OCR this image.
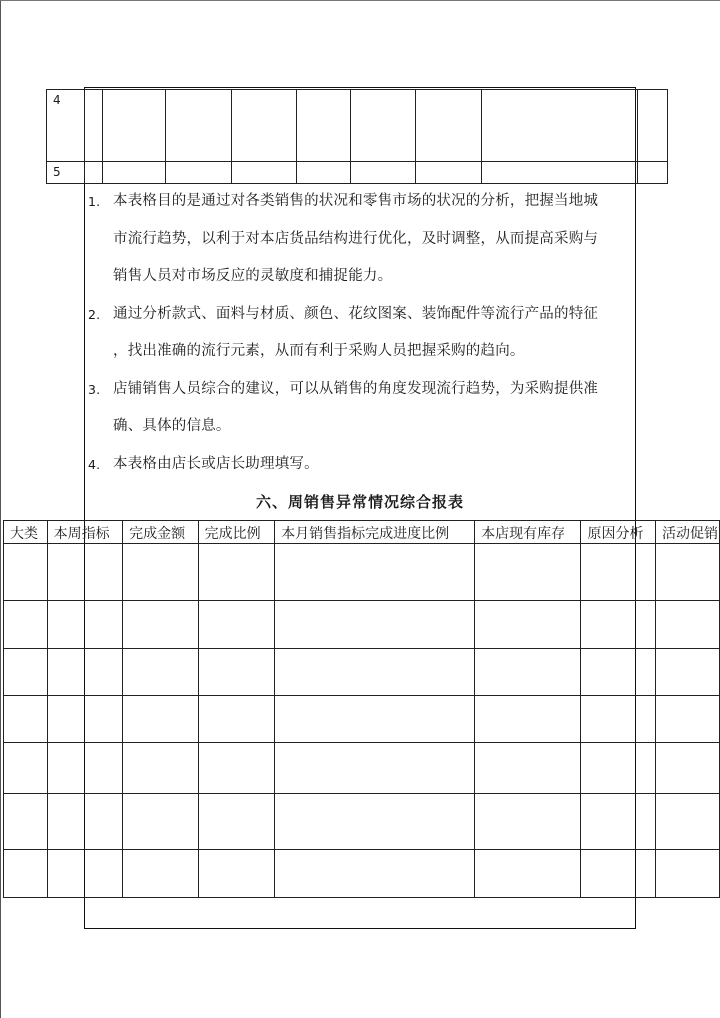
4									
5									
1. 本表格目的是通过对各类销售的状况和零售市场的状况的分析，把握当地城
市流行趋势，以利于对本店货品结构进行优化，及时调整，从而提高采购与
销售人员对市场反应的灵敏度和捕捉能力。
2. 通过分析款式、面料与材质、颜色、花纹图案、装饰配件等流行产品的特征
，找出准确的流行元素，从而有利于采购人员把握采购的趋向。
3. 店铺销售人员综合的建议，可以从销售的角度发现流行趋势，为采购提供准
确、具体的信息。
4. 本表格由店长或店长助理填写。
六、周销售异常情况综合报表
大类	本周指标	完成金额	完成比例	本月销售指标完成进度比例	本店现有库存	原因分析	活动促销
